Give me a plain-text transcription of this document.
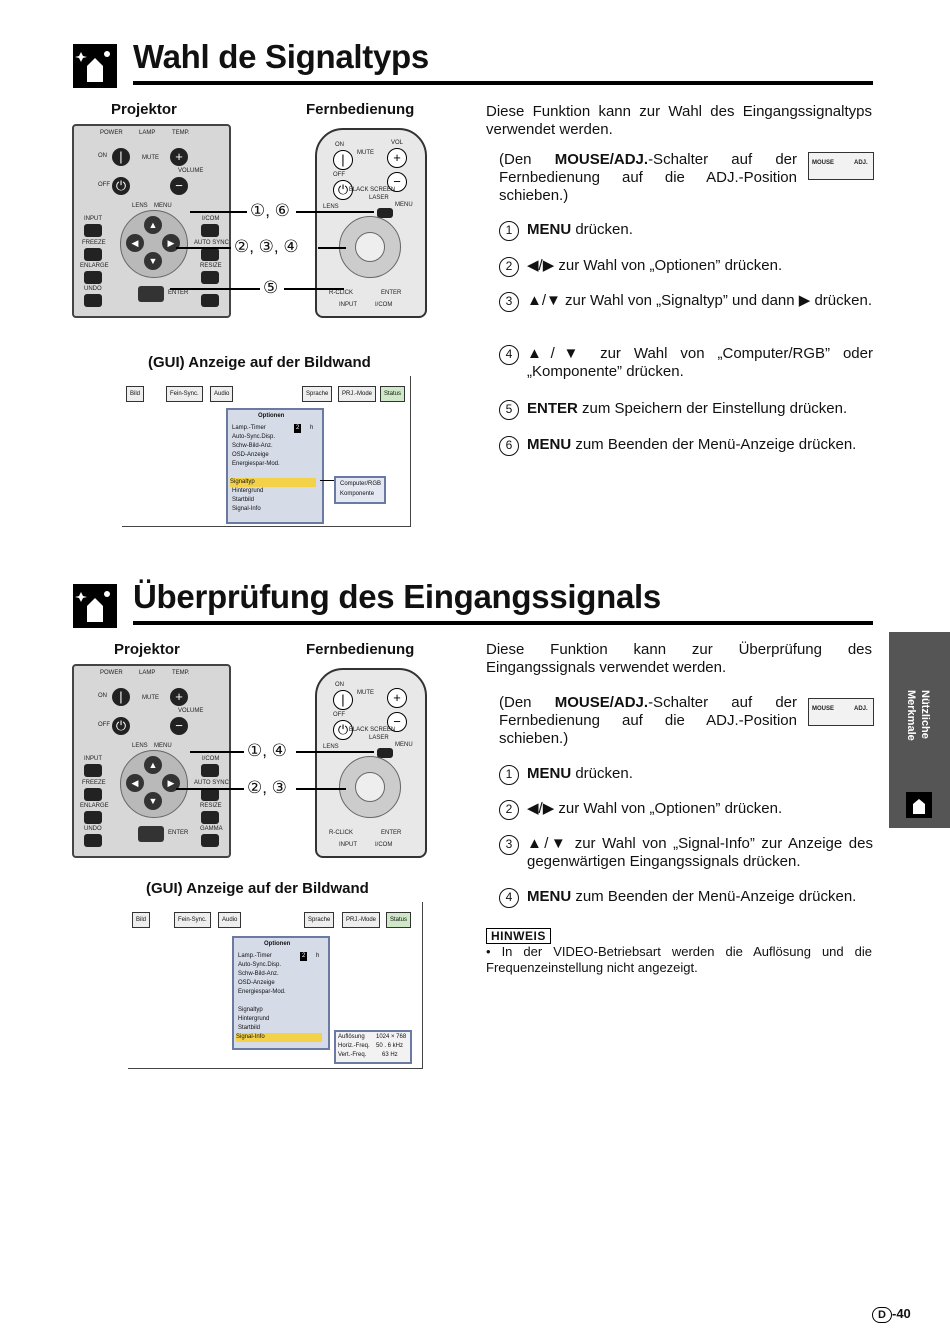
Wahl de Signaltyps
Projektor	Fernbedienung
POWER	LAMP	TEMP.
ON |	MUTE	+
VOLUME
OFF ⏻	−
LENS MENU
INPUT	I/COM
FREEZE	AUTO SYNC
ENLARGE	RESIZE
UNDO
▲
▼
◀	▶
ENTER
ON	VOL
|	MUTE	+
OFF
⏻
−
BLACK SCREEN
LASER
LENS	MENU
R-CLICK	ENTER
INPUT	I/COM
①, ⑥
②, ③, ④
⑤
(GUI) Anzeige auf der Bildwand
Bild	Fein-Sync.	Audio	Sprache	PRJ.-Mode	Status
Optionen
Lamp.-Timer	2	h
Auto-Sync.Disp.
Schw-Bild-Anz.
OSD-Anzeige
Energiespar-Mod.
Signaltyp
Hintergrund
Startbild
Signal-Info
Computer/RGB
Komponente
Diese Funktion kann zur Wahl des Eingangssignaltyps verwendet werden.
(Den MOUSE/ADJ.-Schalter auf der Fernbedienung auf die ADJ.-Position schieben.)
MOUSE	ADJ.
1 MENU drücken.
2 ◀/▶ zur Wahl von „Optionen” drücken.
3 ▲/▼ zur Wahl von „Signaltyp” und dann ▶ drücken.
4 ▲/▼ zur Wahl von „Computer/RGB” oder „Komponente” drücken.
5 ENTER zum Speichern der Einstellung drücken.
6 MENU zum Beenden der Menü-Anzeige drücken.
Überprüfung des Eingangssignals
Projektor	Fernbedienung
POWER	LAMP	TEMP.
ON |	MUTE	+
VOLUME
OFF ⏻	−
LENS MENU
INPUT	I/COM
FREEZE	AUTO SYNC
ENLARGE	RESIZE
UNDO	GAMMA
▲
▼
◀	▶
ENTER
ON
|	MUTE	+
OFF
⏻
−
BLACK SCREEN
LASER
LENS	MENU
R-CLICK	ENTER
INPUT	I/COM
①, ④
②, ③
(GUI) Anzeige auf der Bildwand
Bild	Fein-Sync.	Audio	Sprache	PRJ.-Mode	Status
Optionen
Lamp.-Timer	2	h
Auto-Sync.Disp.
Schw-Bild-Anz.
OSD-Anzeige
Energiespar-Mod.
Signaltyp
Hintergrund
Startbild
Signal-Info	Auflösung 1024 × 768
Horiz.-Freq. 50 . 6 kHz
Vert.-Freq.	63 Hz
Diese Funktion kann zur Überprüfung des Eingangssignals verwendet werden.
(Den MOUSE/ADJ.-Schalter auf der Fernbedienung auf die ADJ.-Position schieben.)
MOUSE	ADJ.
1 MENU drücken.
2 ◀/▶ zur Wahl von „Optionen” drücken.
3 ▲/▼ zur Wahl von „Signal-Info” zur Anzeige des gegenwärtigen Eingangssignals drücken.
4 MENU zum Beenden der Menü-Anzeige drücken.
HINWEIS
• In der VIDEO-Betriebsart werden die Auflösung und die Frequenzeinstellung nicht angezeigt.
Nützliche
Merkmale
D -40
